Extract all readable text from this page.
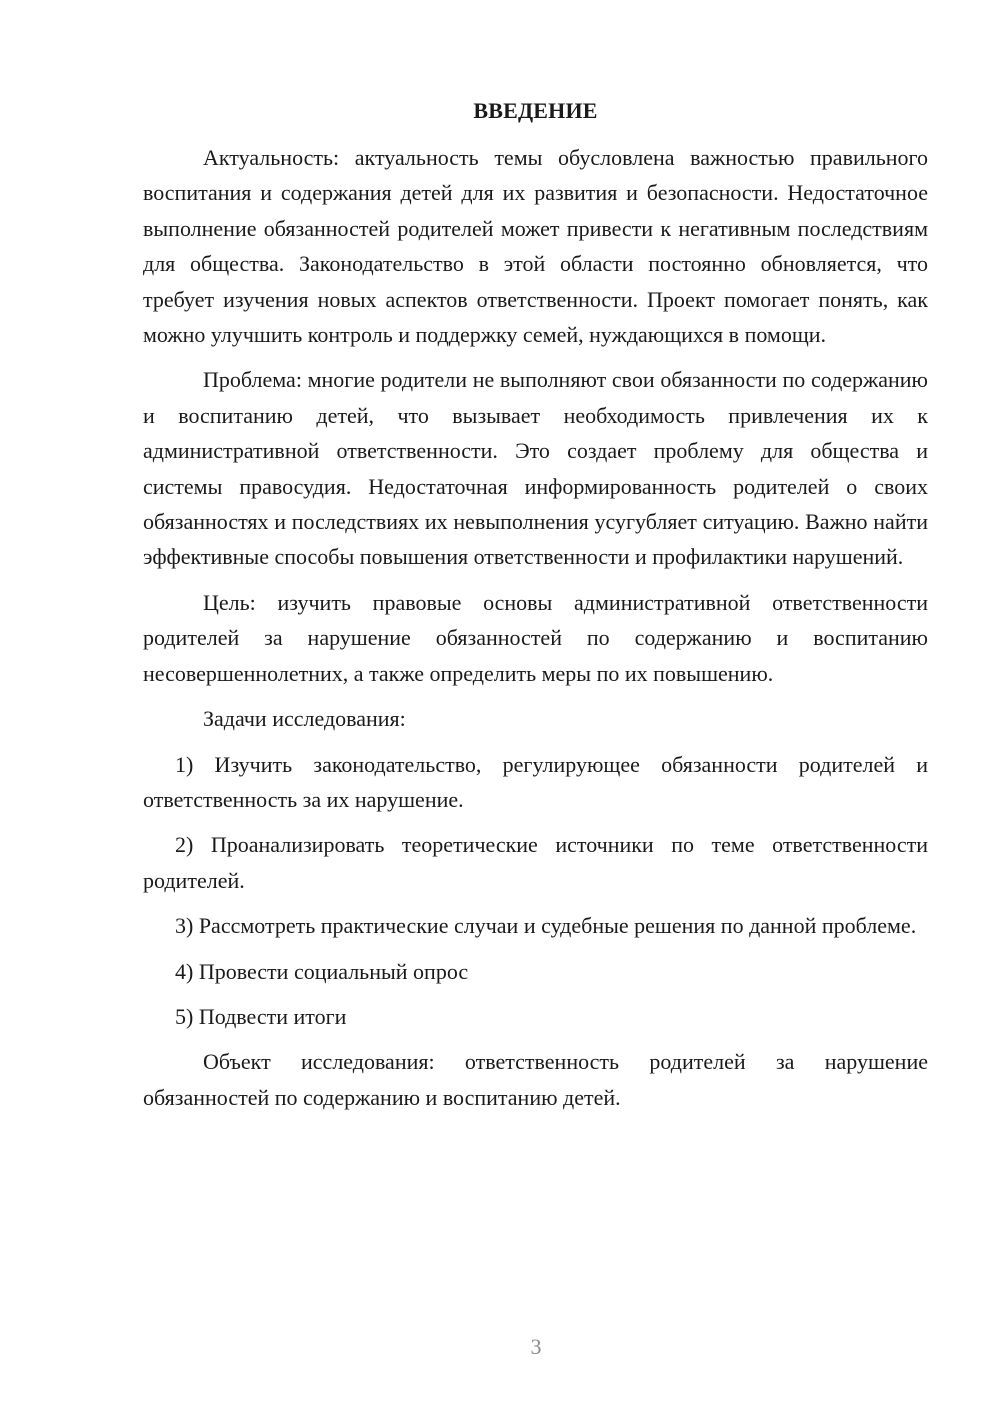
ВВЕДЕНИЕ

Актуальность: актуальность темы обусловлена важностью правильного воспитания и содержания детей для их развития и безопасности. Недостаточное выполнение обязанностей родителей может привести к негативным последствиям для общества. Законодательство в этой области постоянно обновляется, что требует изучения новых аспектов ответственности. Проект помогает понять, как можно улучшить контроль и поддержку семей, нуждающихся в помощи.

Проблема: многие родители не выполняют свои обязанности по содержанию и воспитанию детей, что вызывает необходимость привлечения их к административной ответственности. Это создает проблему для общества и системы правосудия. Недостаточная информированность родителей о своих обязанностях и последствиях их невыполнения усугубляет ситуацию. Важно найти эффективные способы повышения ответственности и профилактики нарушений.

Цель: изучить правовые основы административной ответственности родителей за нарушение обязанностей по содержанию и воспитанию несовершеннолетних, а также определить меры по их повышению.

Задачи исследования:

1) Изучить законодательство, регулирующее обязанности родителей и ответственность за их нарушение.

2) Проанализировать теоретические источники по теме ответственности родителей.

3) Рассмотреть практические случаи и судебные решения по данной проблеме.

4) Провести социальный опрос

5) Подвести итоги

Объект исследования: ответственность родителей за нарушение обязанностей по содержанию и воспитанию детей.

3
